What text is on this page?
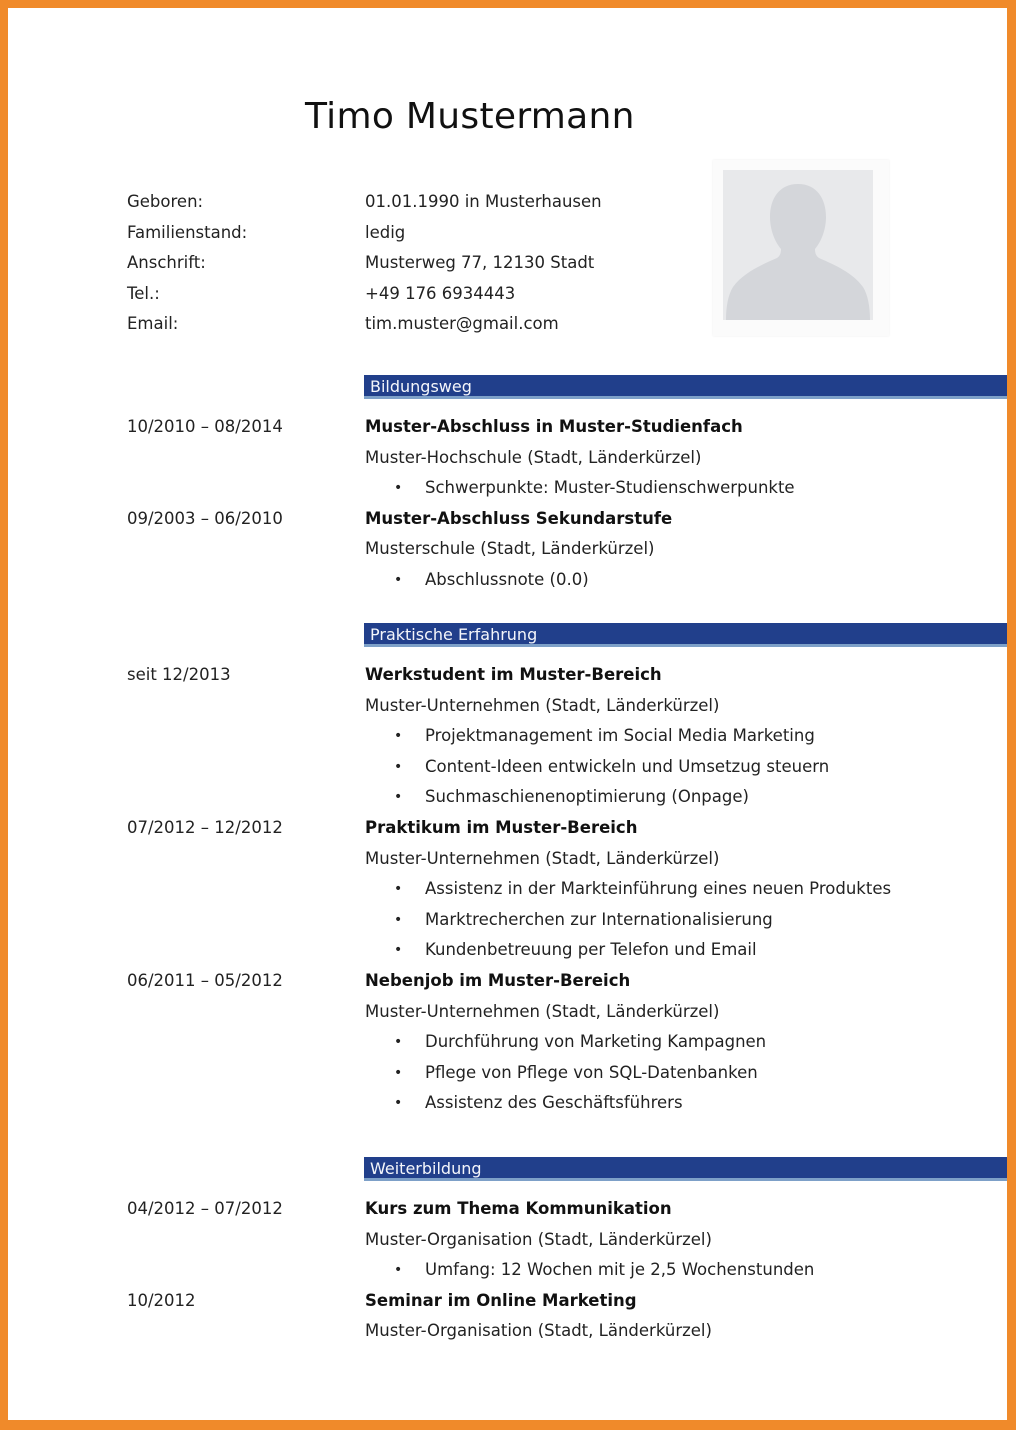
Timo Mustermann
Geboren:	01.01.1990 in Musterhausen
Familienstand:	ledig
Anschrift:	Musterweg 77, 12130 Stadt
Tel.:	+49 176 6934443
Email:	tim.muster@gmail.com
Bildungsweg
10/2010 – 08/2014	Muster-Abschluss in Muster-Studienfach
Muster-Hochschule (Stadt, Länderkürzel)
• Schwerpunkte: Muster-Studienschwerpunkte
09/2003 – 06/2010	Muster-Abschluss Sekundarstufe
Musterschule (Stadt, Länderkürzel)
• Abschlussnote (0.0)
Praktische Erfahrung
seit 12/2013	Werkstudent im Muster-Bereich
Muster-Unternehmen (Stadt, Länderkürzel)
• Projektmanagement im Social Media Marketing
• Content-Ideen entwickeln und Umsetzug steuern
• Suchmaschienenoptimierung (Onpage)
07/2012 – 12/2012	Praktikum im Muster-Bereich
Muster-Unternehmen (Stadt, Länderkürzel)
• Assistenz in der Markteinführung eines neuen Produktes
• Marktrecherchen zur Internationalisierung
• Kundenbetreuung per Telefon und Email
06/2011 – 05/2012	Nebenjob im Muster-Bereich
Muster-Unternehmen (Stadt, Länderkürzel)
• Durchführung von Marketing Kampagnen
• Pflege von Pflege von SQL-Datenbanken
• Assistenz des Geschäftsführers
Weiterbildung
04/2012 – 07/2012	Kurs zum Thema Kommunikation
Muster-Organisation (Stadt, Länderkürzel)
• Umfang: 12 Wochen mit je 2,5 Wochenstunden
10/2012	Seminar im Online Marketing
Muster-Organisation (Stadt, Länderkürzel)
